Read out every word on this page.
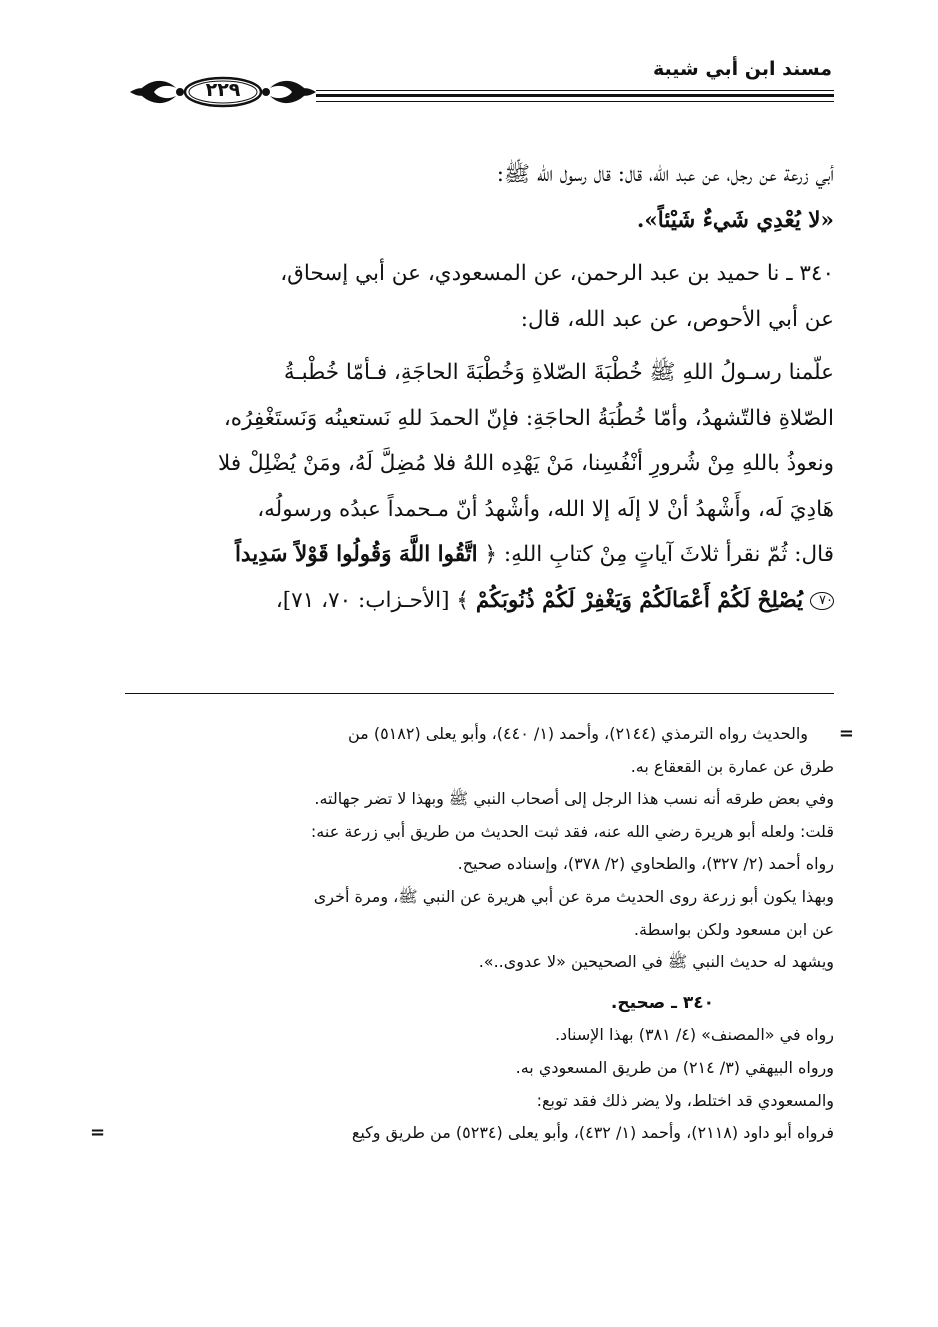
مسند ابن أبي شيبة
٢٢٩
أبي زرعة عن رجل، عن عبد الله، قال: قال رسول الله ﷺ:
«لا يُعْدِي شَيءٌ شَيْئاً».
٣٤٠ ـ نا حميد بن عبد الرحمن، عن المسعودي، عن أبي إسحاق،
عن أبي الأحوص، عن عبد الله، قال:
علّمنا رسـولُ اللهِ ﷺ خُطْبَةَ الصّلاةِ وَخُطْبَةَ الحاجَةِ، فـأمّا خُطْبـةُ
الصّلاةِ فالتّشهدُ، وأمّا خُطُبَةُ الحاجَةِ: فإنّ الحمدَ للهِ نَستعينُه وَنَستَغْفِرُه،
ونعوذُ باللهِ مِنْ شُرورِ أنْفُسِنا، مَنْ يَهْدِه اللهُ فلا مُضِلَّ لَهُ، ومَنْ يُضْلِلْ فلا
هَادِيَ لَه، وأَشْهدُ أنْ لا إلَه إلا الله، وأشْهدُ أنّ مـحمداً عبدُه ورسولُه،
قال: ثُمّ نقرأ ثلاثَ آياتٍ مِنْ كتابِ اللهِ: ﴿ اتَّقُوا اللَّهَ وَقُولُوا قَوْلاً سَدِيداً
٧٠ يُصْلِحْ لَكُمْ أَعْمَالَكُمْ وَيَغْفِرْ لَكُمْ ذُنُوبَكُمْ ﴾ [الأحـزاب: ٧٠، ٧١]،
=
والحديث رواه الترمذي (٢١٤٤)، وأحمد (١/ ٤٤٠)، وأبو يعلى (٥١٨٢) من
طرق عن عمارة بن القعقاع به.
وفي بعض طرقه أنه نسب هذا الرجل إلى أصحاب النبي ﷺ وبهذا لا تضر جهالته.
قلت: ولعله أبو هريرة رضي الله عنه، فقد ثبت الحديث من طريق أبي زرعة عنه:
رواه أحمد (٢/ ٣٢٧)، والطحاوي (٢/ ٣٧٨)، وإسناده صحيح.
وبهذا يكون أبو زرعة روى الحديث مرة عن أبي هريرة عن النبي ﷺ، ومرة أخرى
عن ابن مسعود ولكن بواسطة.
ويشهد له حديث النبي ﷺ في الصحيحين «لا عدوى..».
٣٤٠ ـ صحيح.
رواه في «المصنف» (٤/ ٣٨١) بهذا الإسناد.
ورواه البيهقي (٣/ ٢١٤) من طريق المسعودي به.
والمسعودي قد اختلط، ولا يضر ذلك فقد توبع:
فرواه أبو داود (٢١١٨)، وأحمد (١/ ٤٣٢)، وأبو يعلى (٥٢٣٤) من طريق وكيع
=
